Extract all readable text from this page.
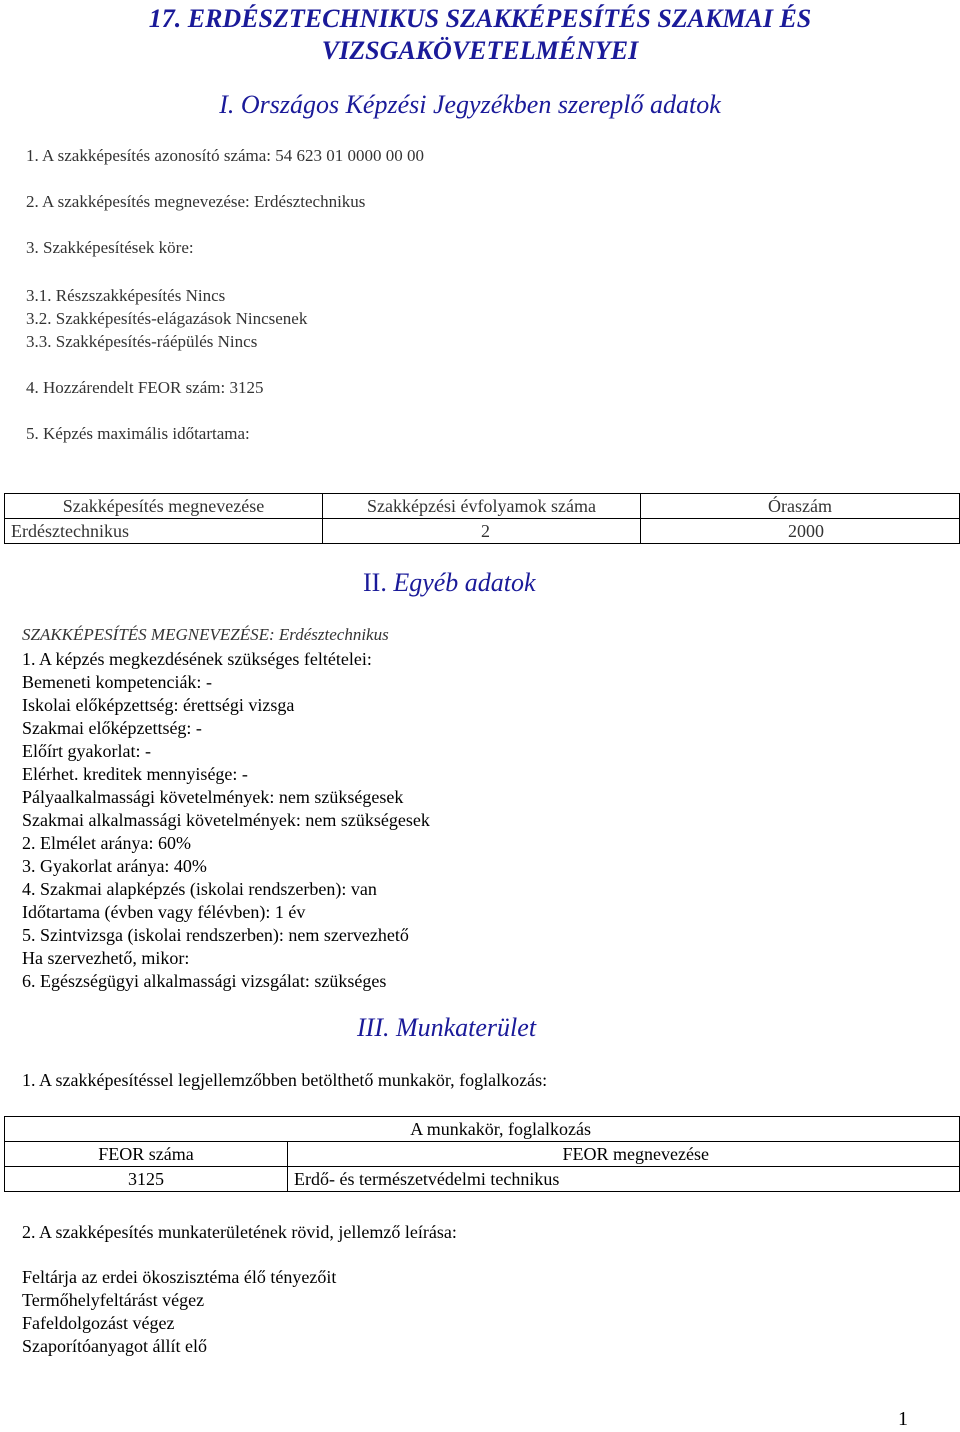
17. ERDÉSZTECHNIKUS SZAKKÉPESÍTÉS SZAKMAI ÉS
VIZSGAKÖVETELMÉNYEI
I. Országos Képzési Jegyzékben szereplő adatok
1. A szakképesítés azonosító száma: 54 623 01 0000 00 00
2. A szakképesítés megnevezése: Erdésztechnikus
3. Szakképesítések köre:
3.1. Részszakképesítés Nincs
3.2. Szakképesítés-elágazások Nincsenek
3.3. Szakképesítés-ráépülés Nincs
4. Hozzárendelt FEOR szám: 3125
5. Képzés maximális időtartama:
Szakképesítés megnevezése	Szakképzési évfolyamok száma	Óraszám
Erdésztechnikus	2	2000
II. Egyéb adatok
SZAKKÉPESÍTÉS MEGNEVEZÉSE: Erdésztechnikus
1. A képzés megkezdésének szükséges feltételei:
Bemeneti kompetenciák: -
Iskolai előképzettség: érettségi vizsga
Szakmai előképzettség: -
Előírt gyakorlat: -
Elérhet. kreditek mennyisége: -
Pályaalkalmassági követelmények: nem szükségesek
Szakmai alkalmassági követelmények: nem szükségesek
2. Elmélet aránya: 60%
3. Gyakorlat aránya: 40%
4. Szakmai alapképzés (iskolai rendszerben): van
Időtartama (évben vagy félévben): 1 év
5. Szintvizsga (iskolai rendszerben): nem szervezhető
Ha szervezhető, mikor:
6. Egészségügyi alkalmassági vizsgálat: szükséges
III. Munkaterület
1. A szakképesítéssel legjellemzőbben betölthető munkakör, foglalkozás:
A munkakör, foglalkozás	
FEOR száma	FEOR megnevezése
3125	Erdő- és természetvédelmi technikus
2. A szakképesítés munkaterületének rövid, jellemző leírása:
Feltárja az erdei ökoszisztéma élő tényezőit
Termőhelyfeltárást végez
Fafeldolgozást végez
Szaporítóanyagot állít elő
1
